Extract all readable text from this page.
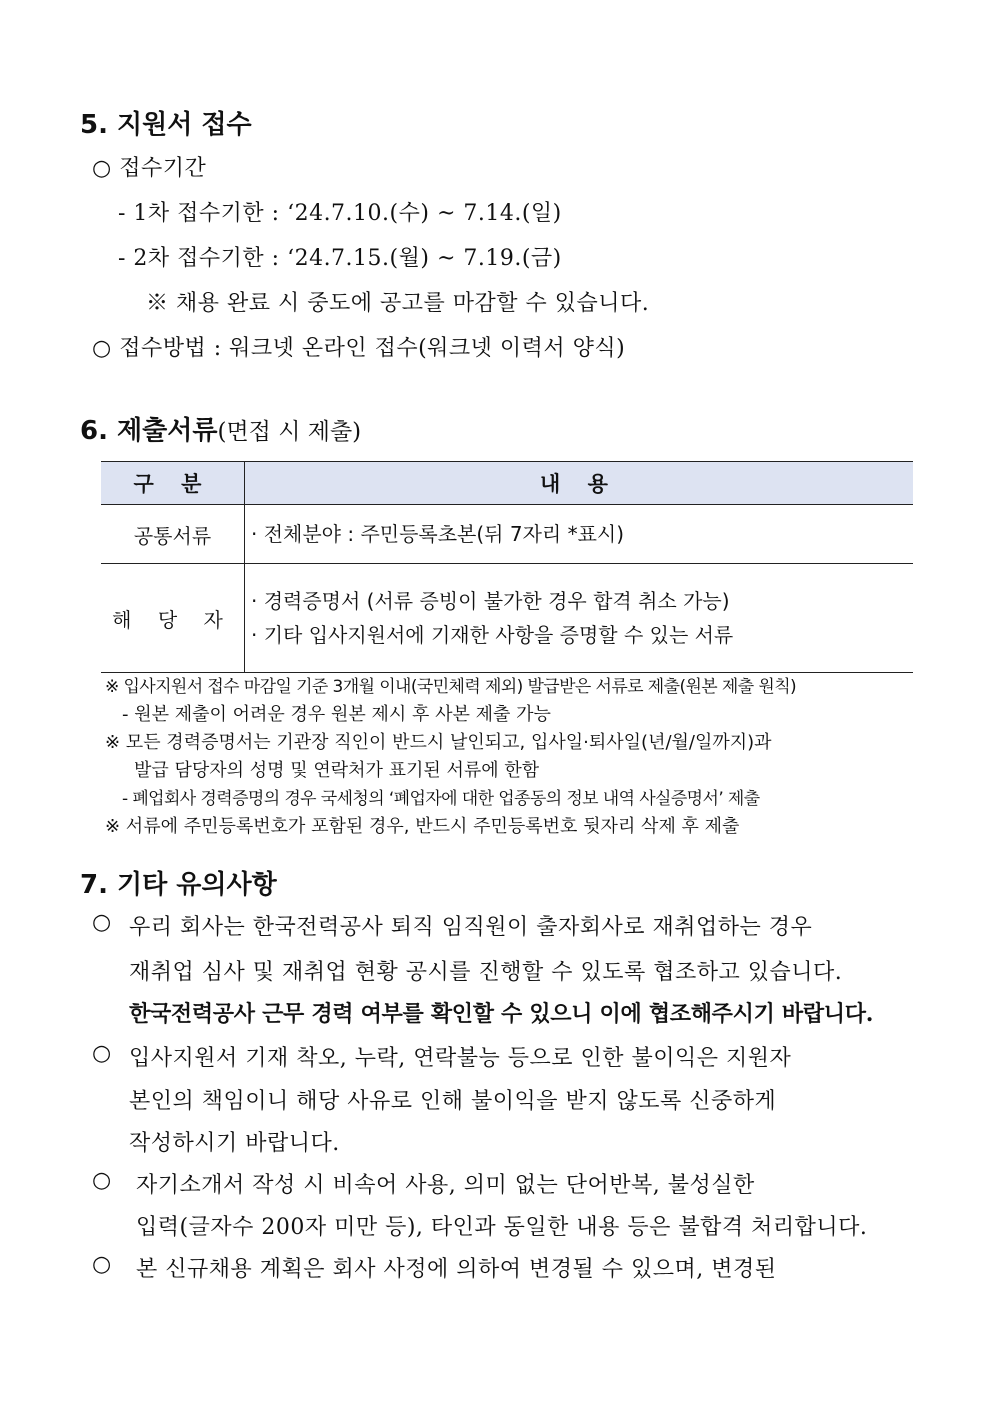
5. 지원서 접수
○ 접수기간
- 1차 접수기한 : ‘24.7.10.(수) ~ 7.14.(일)
- 2차 접수기한 : ‘24.7.15.(월) ~ 7.19.(금)
※ 채용 완료 시 중도에 공고를 마감할 수 있습니다.
○ 접수방법 : 워크넷 온라인 접수(워크넷 이력서 양식)
6. 제출서류(면접 시 제출)
구 분	내 용
공통서류	· 전체분야 : 주민등록초본(뒤 7자리 *표시)

해 당 자	· 경력증명서 (서류 증빙이 불가한 경우 합격 취소 가능)
· 기타 입사지원서에 기재한 사항을 증명할 수 있는 서류
※ 입사지원서 접수 마감일 기준 3개월 이내(국민체력 제외) 발급받은 서류로 제출(원본 제출 원칙)
- 원본 제출이 어려운 경우 원본 제시 후 사본 제출 가능
※ 모든 경력증명서는 기관장 직인이 반드시 날인되고, 입사일·퇴사일(년/월/일까지)과
발급 담당자의 성명 및 연락처가 표기된 서류에 한함
- 폐업회사 경력증명의 경우 국세청의 ‘폐업자에 대한 업종동의 정보 내역 사실증명서’ 제출
※ 서류에 주민등록번호가 포함된 경우, 반드시 주민등록번호 뒷자리 삭제 후 제출
7. 기타 유의사항
○ 우리 회사는 한국전력공사 퇴직 임직원이 출자회사로 재취업하는 경우
재취업 심사 및 재취업 현황 공시를 진행할 수 있도록 협조하고 있습니다.
한국전력공사 근무 경력 여부를 확인할 수 있으니 이에 협조해주시기 바랍니다.
○ 입사지원서 기재 착오, 누락, 연락불능 등으로 인한 불이익은 지원자
본인의 책임이니 해당 사유로 인해 불이익을 받지 않도록 신중하게
작성하시기 바랍니다.
○ 자기소개서 작성 시 비속어 사용, 의미 없는 단어반복, 불성실한
입력(글자수 200자 미만 등), 타인과 동일한 내용 등은 불합격 처리합니다.
○ 본 신규채용 계획은 회사 사정에 의하여 변경될 수 있으며, 변경된
